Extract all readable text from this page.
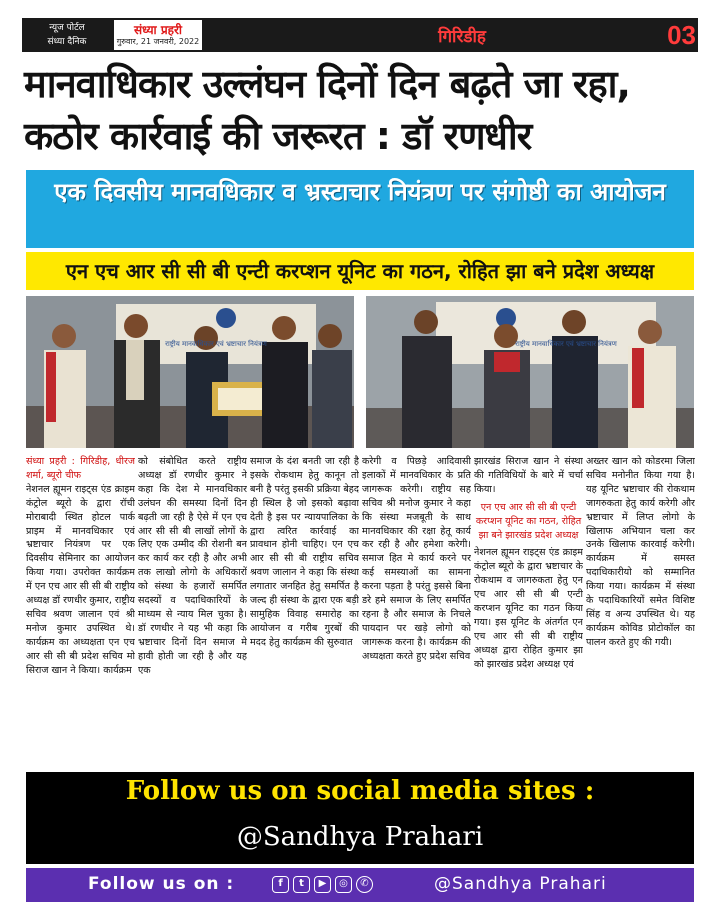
न्यूज पोर्टल
संध्या दैनिक
संध्या प्रहरी
गुरुवार, 21 जनवरी, 2022	गिरिडीह	03
मानवाधिकार उल्लंघन दिनों दिन बढ़ते जा रहा, कठोर कार्रवाई की जरूरत : डॉ रणधीर
एक दिवसीय मानवधिकार व भ्रस्टाचार नियंत्रण पर संगोष्ठी का आयोजन
एन एच आर सी सी बी एन्टी करप्शन यूनिट का गठन, रोहित झा बने प्रदेश अध्यक्ष
राष्ट्रीय मानवाधिकार एवं भ्रष्टाचार नियंत्रण	राष्ट्रीय मानवाधिकार एवं भ्रष्टाचार नियंत्रण

संध्या प्रहरी : गिरिडीह, धीरज शर्मा, ब्यूरो चीफ

नेशनल ह्यूमन राइट्स एंड क्राइम कंट्रोल ब्यूरो के द्वारा रॉची मोराबादी स्थित होटल पार्क प्राइम में मानवधिकार एवं भ्रष्टाचार नियंत्रण पर एक दिवसीय सेमिनार का आयोजन किया गया। उपरोक्त कार्यक्रम में एन एच आर सी सी बी राष्ट्रीय अध्यक्ष डॉ रणधीर कुमार, राष्ट्रीय सचिव श्रवण जालान एवं श्री मनोज कुमार उपस्थित थे। कार्यक्रम का अध्यक्षता एन एच आर सी सी बी प्रदेश सचिव मो सिराज खान ने किया। कार्यक्रम

को संबोधित करते राष्ट्रीय अध्यक्ष डॉ रणधीर कुमार ने कहा कि देश मे मानवधिकार उलंघन की समस्या दिनों दिन बढ़ती जा रही है ऐसे में एन एच आर सी सी बी लाखों लोगों के लिए एक उम्मीद की रोशनी बन कर कार्य कर रही है और अभी तक लाखो लोगो के अधिकारों को संस्था के हजारों समर्पित सदस्यों व पदाधिकारियों के माध्यम से न्याय मिल चुका है। डॉ रणधीर ने यह भी कहा कि भ्रष्टाचार दिनों दिन समाज मे हावी होती जा रही है और यह एक

समाज के दंश बनती जा रही है इसके रोकथाम हेतु कानून तो बनी है परंतु इसकी प्रक्रिया बेहद ही स्थिल है जो इसको बढ़ावा देती है इस पर न्यायपालिका के द्वारा त्वरित कार्रवाई का प्रावधान होनी चाहिए। एन एच आर सी सी बी राष्ट्रीय सचिव श्रवण जालान ने कहा कि संस्था लगातार जनहित हेतु समर्पित है जल्द ही संस्था के द्वारा एक बड़ी सामुहिक विवाह समारोह का आयोजन व गरीब गुरबों की मदद हेतु कार्यक्रम की सुरुवात

करेगी व पिछड़े आदिवासी इलाकों में मानवधिकार के प्रति जागरूक करेगी। राष्ट्रीय सह सचिव श्री मनोज कुमार ने कहा कि संस्था मजबूती के साथ मानवधिकार की रक्षा हेतू कार्य कर रही है और हमेशा करेगी। समाज हित मे कार्य करने पर कई समस्याओं का सामना करना पड़ता है परंतु इससे बिना डरे हमे समाज के लिए समर्पित रहना है और समाज के निचले पायदान पर खड़े लोगो को जागरूक करना है। कार्यक्रम की अध्यक्षता करते हुए प्रदेश सचिव

झारखंड सिराज खान ने संस्था की गतिविधियों के बारे में चर्चा किया।

एन एच आर सी सी बी एन्टी करप्शन यूनिट का गठन, रोहित झा बने झारखंड प्रदेश अध्यक्ष

नेशनल ह्यूमन राइट्स एंड क्राइम कंट्रोल ब्यूरो के द्वारा भ्रष्टाचार के रोकथाम व जागरुकता हेतु एन एच आर सी सी बी एन्टी करप्शन यूनिट का गठन किया गया। इस यूनिट के अंतर्गत एन एच आर सी सी बी राष्ट्रीय अध्यक्ष द्वारा रोहित कुमार झा को झारखंड प्रदेश अध्यक्ष एवं

अख्तर खान को कोडरमा जिला सचिव मनोनीत किया गया है। यह यूनिट भ्रष्टाचार की रोकथाम जागरुकता हेतु कार्य करेगी और भ्रष्टाचार में लिप्त लोगो के खिलाफ अभियान चला कर उनके खिलाफ कारवाई करेगी। कार्यक्रम में समस्त पदाधिकारीयो को सम्मानित किया गया। कार्यक्रम में संस्था के पदाधिकारियों समेत विशिष्ट सिंह व अन्य उपस्थित थे। यह कार्यक्रम कोविड प्रोटोकॉल का पालन करते हुए की गयी।

Follow us on social media sites :
@Sandhya Prahari
Follow us on :	f	t	▶	◎	✆	@Sandhya Prahari
